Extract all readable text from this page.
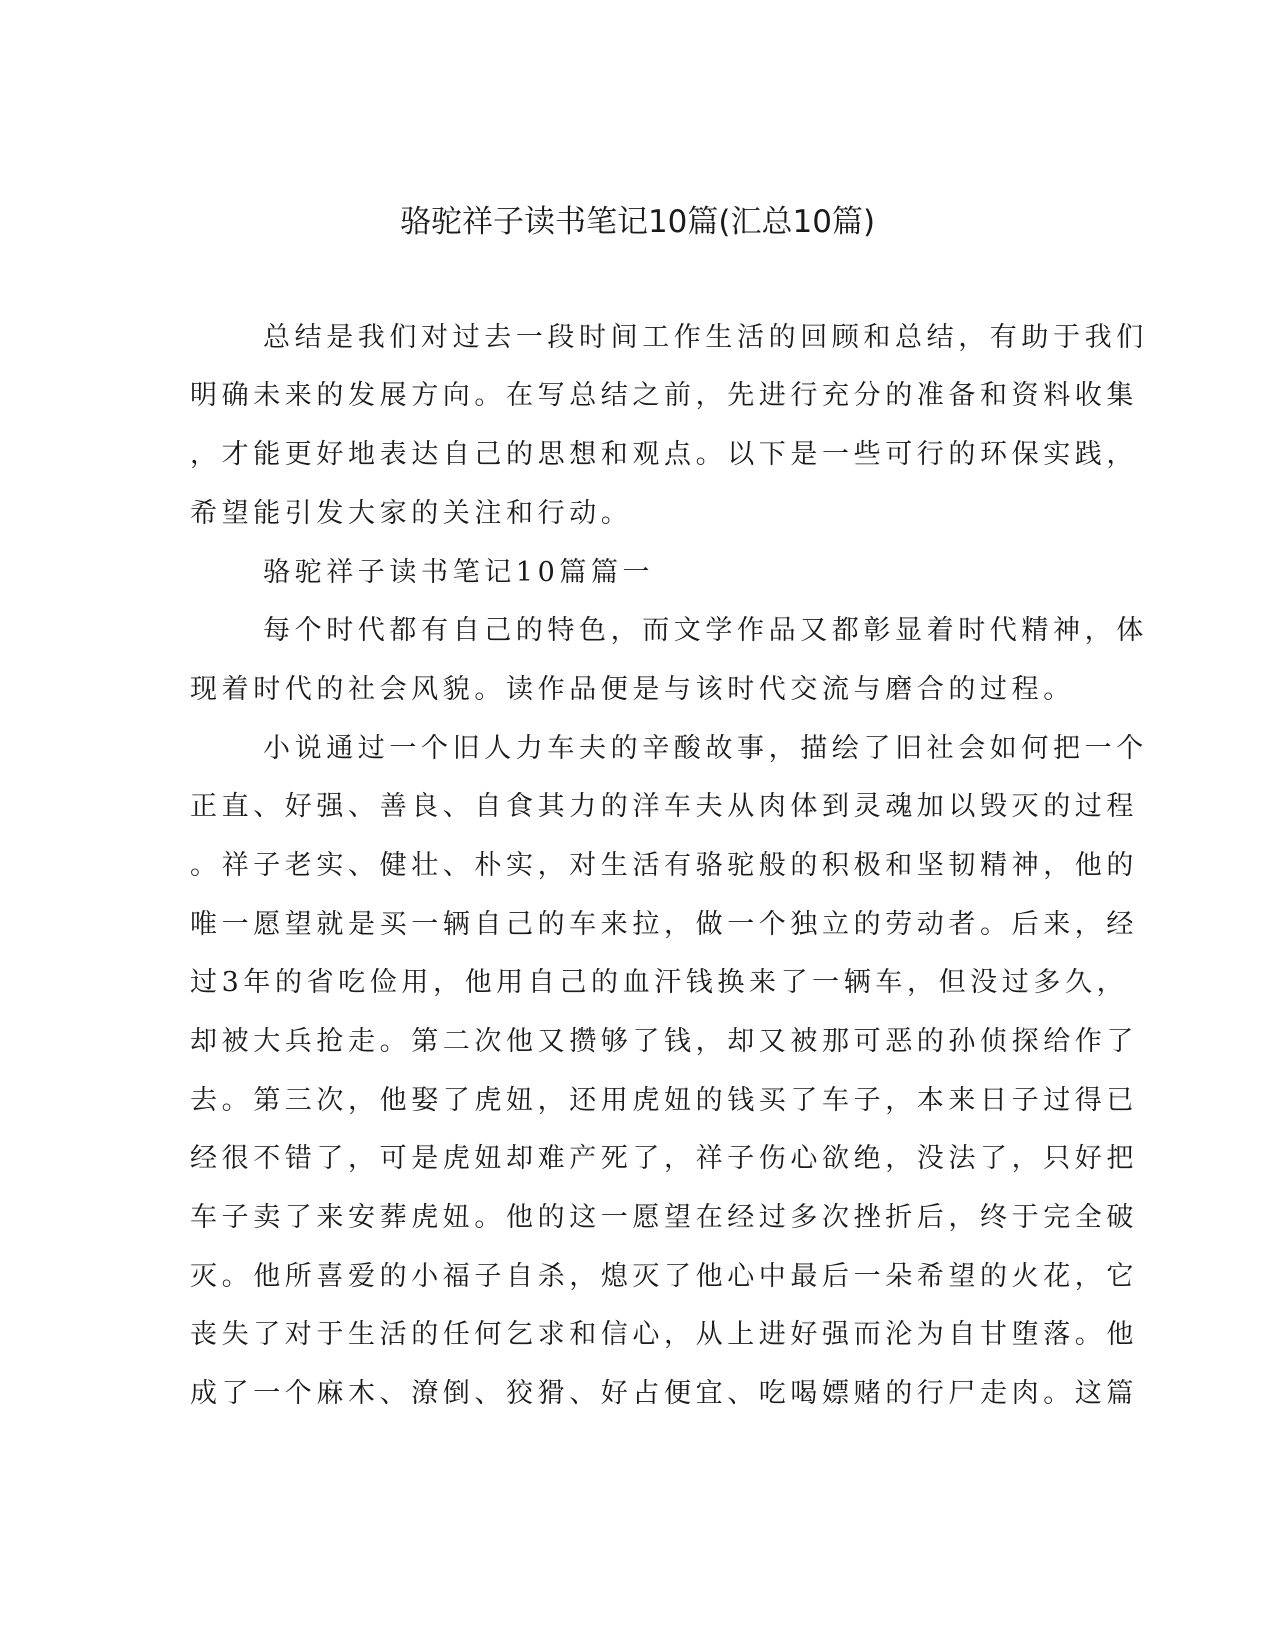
骆驼祥子读书笔记10篇(汇总10篇)
总结是我们对过去一段时间工作生活的回顾和总结，有助于我们
明确未来的发展方向。在写总结之前，先进行充分的准备和资料收集
，才能更好地表达自己的思想和观点。以下是一些可行的环保实践，
希望能引发大家的关注和行动。
骆驼祥子读书笔记10篇篇一
每个时代都有自己的特色，而文学作品又都彰显着时代精神，体
现着时代的社会风貌。读作品便是与该时代交流与磨合的过程。
小说通过一个旧人力车夫的辛酸故事，描绘了旧社会如何把一个
正直、好强、善良、自食其力的洋车夫从肉体到灵魂加以毁灭的过程
。祥子老实、健壮、朴实，对生活有骆驼般的积极和坚韧精神，他的
唯一愿望就是买一辆自己的车来拉，做一个独立的劳动者。后来，经
过3年的省吃俭用，他用自己的血汗钱换来了一辆车，但没过多久，
却被大兵抢走。第二次他又攒够了钱，却又被那可恶的孙侦探给作了
去。第三次，他娶了虎妞，还用虎妞的钱买了车子，本来日子过得已
经很不错了，可是虎妞却难产死了，祥子伤心欲绝，没法了，只好把
车子卖了来安葬虎妞。他的这一愿望在经过多次挫折后，终于完全破
灭。他所喜爱的小福子自杀，熄灭了他心中最后一朵希望的火花，它
丧失了对于生活的任何乞求和信心，从上进好强而沦为自甘堕落。他
成了一个麻木、潦倒、狡猾、好占便宜、吃喝嫖赌的行尸走肉。这篇
